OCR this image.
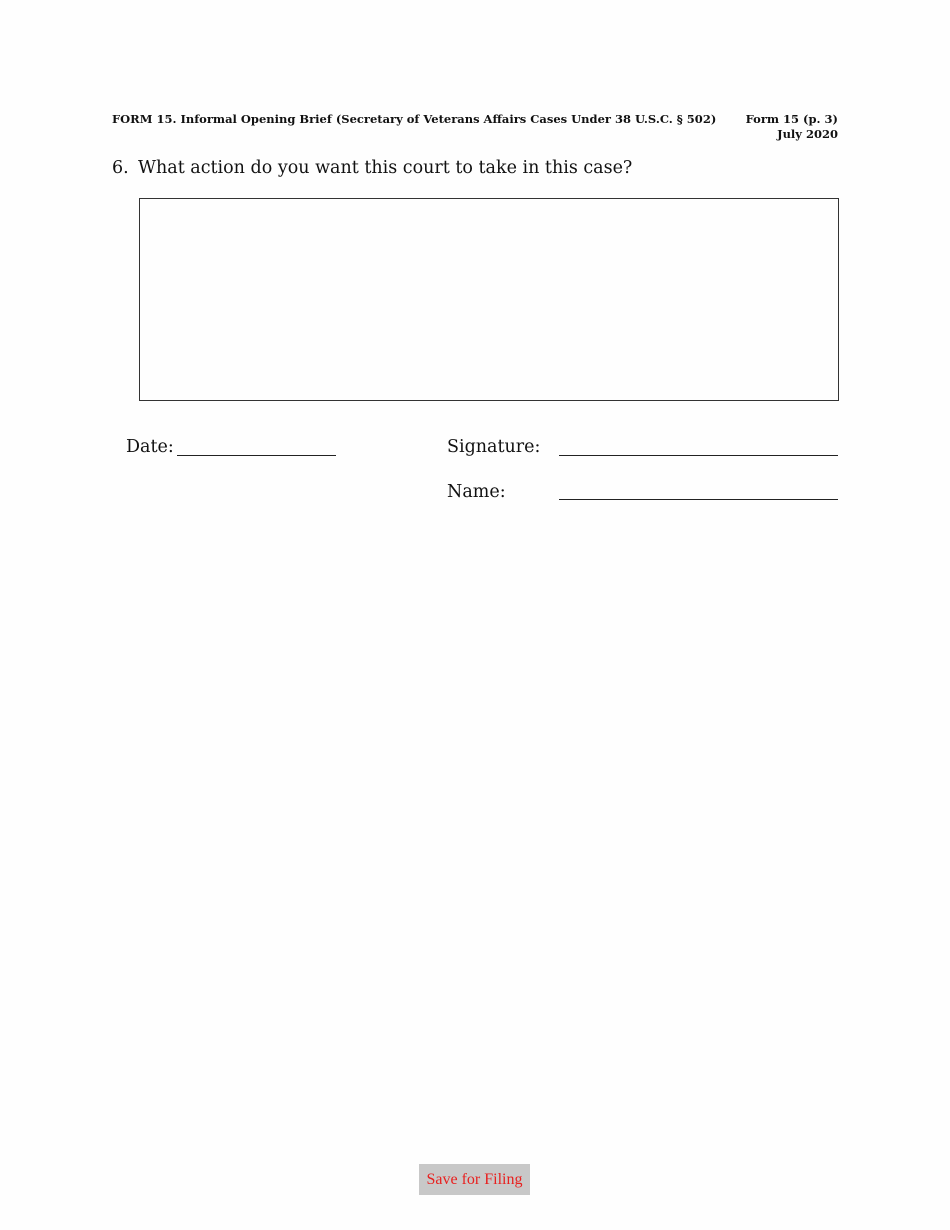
FORM 15. Informal Opening Brief (Secretary of Veterans Affairs Cases Under 38 U.S.C. § 502)	Form 15 (p. 3)
July 2020
6. What action do you want this court to take in this case?
Date:	Signature:
Name:
Save for Filing
